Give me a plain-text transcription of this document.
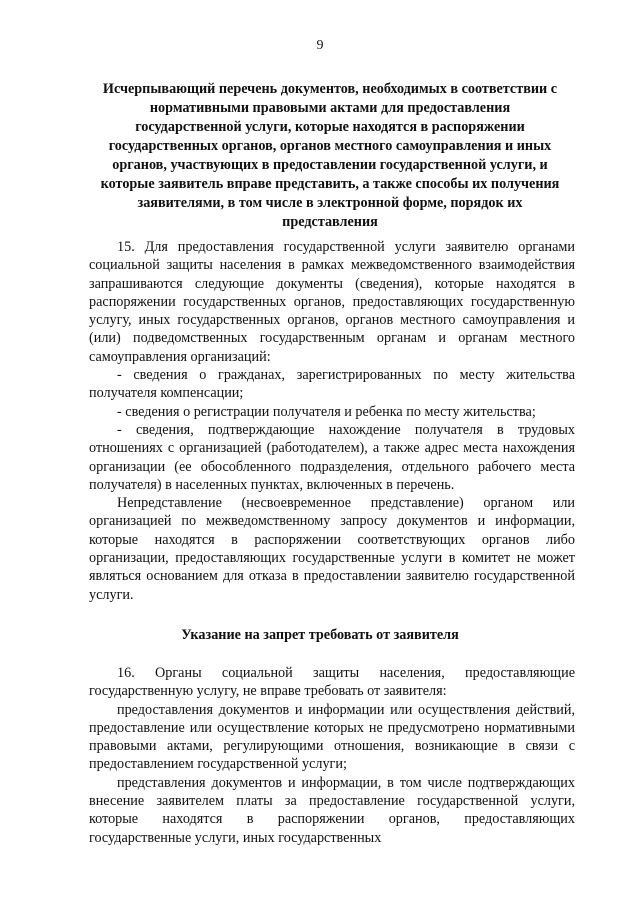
9
Исчерпывающий перечень документов, необходимых в соответствии с нормативными правовыми актами для предоставления государственной услуги, которые находятся в распоряжении государственных органов, органов местного самоуправления и иных органов, участвующих в предоставлении государственной услуги, и которые заявитель вправе представить, а также способы их получения заявителями, в том числе в электронной форме, порядок их представления

15. Для предоставления государственной услуги заявителю органами социальной защиты населения в рамках межведомственного взаимодействия запрашиваются следующие документы (сведения), которые находятся в распоряжении государственных органов, предоставляющих государственную услугу, иных государственных органов, органов местного самоуправления и (или) подведомственных государственным органам и органам местного самоуправления организаций:

- сведения о гражданах, зарегистрированных по месту жительства получателя компенсации;

- сведения о регистрации получателя и ребенка по месту жительства;

- сведения, подтверждающие нахождение получателя в трудовых отношениях с организацией (работодателем), а также адрес места нахождения организации (ее обособленного подразделения, отдельного рабочего места получателя) в населенных пунктах, включенных в перечень.

Непредставление (несвоевременное представление) органом или организацией по межведомственному запросу документов и информации, которые находятся в распоряжении соответствующих органов либо организации, предоставляющих государственные услуги в комитет не может являться основанием для отказа в предоставлении заявителю государственной услуги.

Указание на запрет требовать от заявителя

16. Органы социальной защиты населения, предоставляющие государственную услугу, не вправе требовать от заявителя:

предоставления документов и информации или осуществления действий, предоставление или осуществление которых не предусмотрено нормативными правовыми актами, регулирующими отношения, возникающие в связи с предоставлением государственной услуги;

представления документов и информации, в том числе подтверждающих внесение заявителем платы за предоставление государственной услуги, которые находятся в распоряжении органов, предоставляющих государственные услуги, иных государственных
